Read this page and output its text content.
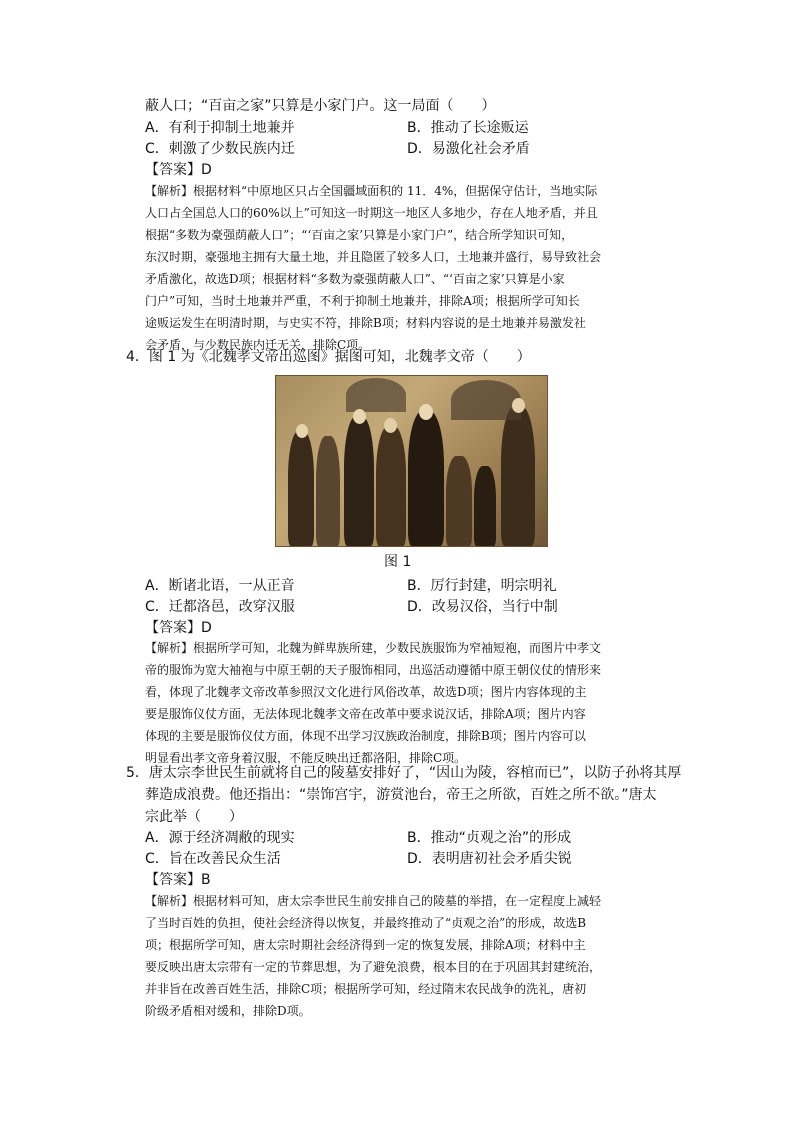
蔽人口；“百亩之家”只算是小家门户。这一局面（　　）
A．有利于抑制土地兼并	B．推动了长途贩运
C．刺激了少数民族内迁	D．易激化社会矛盾
【答案】D
【解析】根据材料“中原地区只占全国疆域面积的 11．4%，但据保守估计，当地实际
人口占全国总人口的60%以上”可知这一时期这一地区人多地少，存在人地矛盾，并且
根据“多数为豪强荫蔽人口”；“‘百亩之家’只算是小家门户”，结合所学知识可知，
东汉时期，豪强地主拥有大量土地，并且隐匿了较多人口，土地兼并盛行，易导致社会
矛盾激化，故选D项；根据材料“多数为豪强荫蔽人口”、“‘百亩之家’只算是小家
门户”可知，当时土地兼并严重，不利于抑制土地兼并，排除A项；根据所学可知长
途贩运发生在明清时期，与史实不符，排除B项；材料内容说的是土地兼并易激发社
会矛盾，与少数民族内迁无关，排除C项。
4．图 1 为《北魏孝文帝出巡图》据图可知，北魏孝文帝（　　）
图 1
A．断诸北语，一从正音	B．厉行封建，明宗明礼
C．迁都洛邑，改穿汉服	D．改易汉俗，当行中制
【答案】D
【解析】根据所学可知，北魏为鲜卑族所建，少数民族服饰为窄袖短袍，而图片中孝文
帝的服饰为宽大袖袍与中原王朝的天子服饰相同，出巡活动遵循中原王朝仪仗的情形来
看，体现了北魏孝文帝改革参照汉文化进行风俗改革，故选D项；图片内容体现的主
要是服饰仪仗方面，无法体现北魏孝文帝在改革中要求说汉话，排除A项；图片内容
体现的主要是服饰仪仗方面，体现不出学习汉族政治制度，排除B项；图片内容可以
明显看出孝文帝身着汉服，不能反映出迁都洛阳，排除C项。
5．唐太宗李世民生前就将自己的陵墓安排好了，“因山为陵，容棺而已”，以防子孙将其厚
葬造成浪费。他还指出：“崇饰宫宇，游赏池台，帝王之所欲，百姓之所不欲。”唐太
宗此举（　　）
A．源于经济凋敝的现实	B．推动“贞观之治”的形成
C．旨在改善民众生活	D．表明唐初社会矛盾尖锐
【答案】B
【解析】根据材料可知，唐太宗李世民生前安排自己的陵墓的举措，在一定程度上减轻
了当时百姓的负担，使社会经济得以恢复，并最终推动了“贞观之治”的形成，故选B
项；根据所学可知，唐太宗时期社会经济得到一定的恢复发展，排除A项；材料中主
要反映出唐太宗带有一定的节葬思想，为了避免浪费，根本目的在于巩固其封建统治，
并非旨在改善百姓生活，排除C项；根据所学可知，经过隋末农民战争的洗礼，唐初
阶级矛盾相对缓和，排除D项。
